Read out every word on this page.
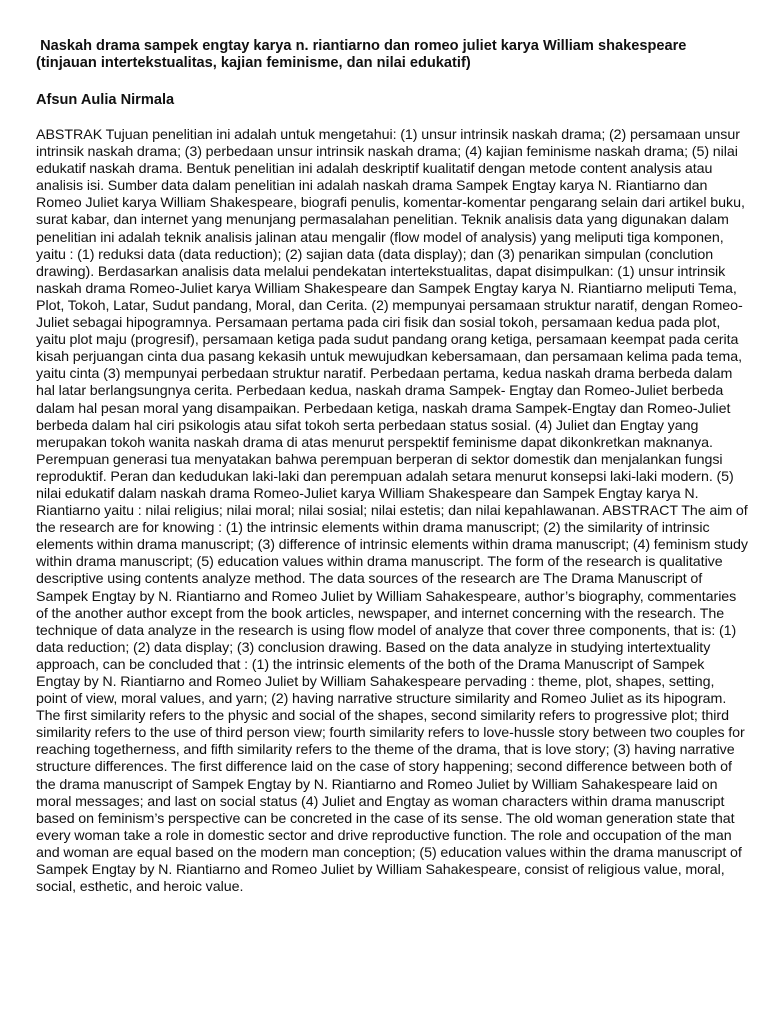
Naskah drama sampek engtay karya n. riantiarno dan romeo juliet karya William shakespeare
(tinjauan intertekstualitas, kajian feminisme, dan nilai edukatif)

Afsun Aulia Nirmala

ABSTRAK Tujuan penelitian ini adalah untuk mengetahui: (1) unsur intrinsik naskah drama; (2) persamaan unsur intrinsik naskah drama; (3) perbedaan unsur intrinsik naskah drama; (4) kajian feminisme naskah drama; (5) nilai edukatif naskah drama. Bentuk penelitian ini adalah deskriptif kualitatif dengan metode content analysis atau analisis isi. Sumber data dalam penelitian ini adalah naskah drama Sampek Engtay karya N. Riantiarno dan Romeo Juliet karya William Shakespeare, biografi penulis, komentar-komentar pengarang selain dari artikel buku, surat kabar, dan internet yang menunjang permasalahan penelitian. Teknik analisis data yang digunakan dalam penelitian ini adalah teknik analisis jalinan atau mengalir (flow model of analysis) yang meliputi tiga komponen, yaitu : (1) reduksi data (data reduction); (2) sajian data (data display); dan (3) penarikan simpulan (conclution drawing). Berdasarkan analisis data melalui pendekatan intertekstualitas, dapat disimpulkan: (1) unsur intrinsik naskah drama Romeo-Juliet karya William Shakespeare dan Sampek Engtay karya N. Riantiarno meliputi Tema, Plot, Tokoh, Latar, Sudut pandang, Moral, dan Cerita. (2) mempunyai persamaan struktur naratif, dengan Romeo-Juliet sebagai hipogramnya. Persamaan pertama pada ciri fisik dan sosial tokoh, persamaan kedua pada plot, yaitu plot maju (progresif), persamaan ketiga pada sudut pandang orang ketiga, persamaan keempat pada cerita kisah perjuangan cinta dua pasang kekasih untuk mewujudkan kebersamaan, dan persamaan kelima pada tema, yaitu cinta (3) mempunyai perbedaan struktur naratif. Perbedaan pertama, kedua naskah drama berbeda dalam hal latar berlangsungnya cerita. Perbedaan kedua, naskah drama Sampek- Engtay dan Romeo-Juliet berbeda dalam hal pesan moral yang disampaikan. Perbedaan ketiga, naskah drama Sampek-Engtay dan Romeo-Juliet berbeda dalam hal ciri psikologis atau sifat tokoh serta perbedaan status sosial. (4) Juliet dan Engtay yang merupakan tokoh wanita naskah drama di atas menurut perspektif feminisme dapat dikonkretkan maknanya. Perempuan generasi tua menyatakan bahwa perempuan berperan di sektor domestik dan menjalankan fungsi reproduktif. Peran dan kedudukan laki-laki dan perempuan adalah setara menurut konsepsi laki-laki modern. (5) nilai edukatif dalam naskah drama Romeo-Juliet karya William Shakespeare dan Sampek Engtay karya N. Riantiarno yaitu : nilai religius; nilai moral; nilai sosial; nilai estetis; dan nilai kepahlawanan. ABSTRACT The aim of the research are for knowing : (1) the intrinsic elements within drama manuscript; (2) the similarity of intrinsic elements within drama manuscript; (3) difference of intrinsic elements within drama manuscript; (4) feminism study within drama manuscript; (5) education values within drama manuscript. The form of the research is qualitative descriptive using contents analyze method. The data sources of the research are The Drama Manuscript of Sampek Engtay by N. Riantiarno and Romeo Juliet by William Sahakespeare, author’s biography, commentaries of the another author except from the book articles, newspaper, and internet concerning with the research. The technique of data analyze in the research is using flow model of analyze that cover three components, that is: (1) data reduction; (2) data display; (3) conclusion drawing. Based on the data analyze in studying intertextuality approach, can be concluded that : (1) the intrinsic elements of the both of the Drama Manuscript of Sampek Engtay by N. Riantiarno and Romeo Juliet by William Sahakespeare pervading : theme, plot, shapes, setting, point of view, moral values, and yarn; (2) having narrative structure similarity and Romeo Juliet as its hipogram. The first similarity refers to the physic and social of the shapes, second similarity refers to progressive plot; third similarity refers to the use of third person view; fourth similarity refers to love-hussle story between two couples for reaching togetherness, and fifth similarity refers to the theme of the drama, that is love story; (3) having narrative structure differences. The first difference laid on the case of story happening; second difference between both of the drama manuscript of Sampek Engtay by N. Riantiarno and Romeo Juliet by William Sahakespeare laid on moral messages; and last on social status (4) Juliet and Engtay as woman characters within drama manuscript based on feminism’s perspective can be concreted in the case of its sense. The old woman generation state that every woman take a role in domestic sector and drive reproductive function. The role and occupation of the man and woman are equal based on the modern man conception; (5) education values within the drama manuscript of Sampek Engtay by N. Riantiarno and Romeo Juliet by William Sahakespeare, consist of religious value, moral, social, esthetic, and heroic value.
